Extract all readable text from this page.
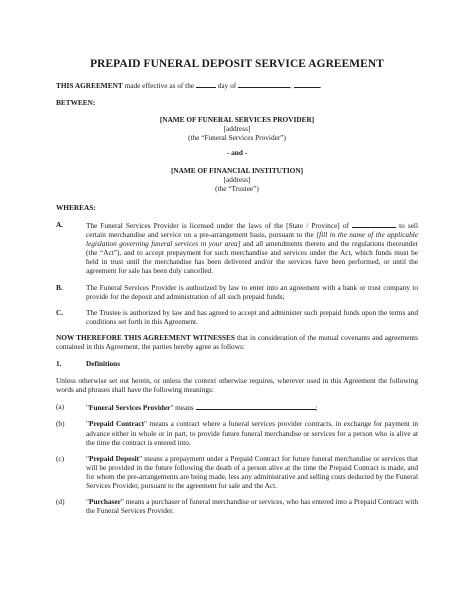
PREPAID FUNERAL DEPOSIT SERVICE AGREEMENT

THIS AGREEMENT made effective as of the	day of	,	.

BETWEEN:

[NAME OF FUNERAL SERVICES PROVIDER]
[address]
(the “Funeral Services Provider”)
- and -
[NAME OF FINANCIAL INSTITUTION]
[address]
(the “Trustee”)

WHEREAS:

A.	The Funeral Services Provider is licensed under the laws of the [State / Province] of	to sell certain merchandise and service on a pre-arrangement basis, pursuant to the [fill in the name of the applicable legislation governing funeral services in your area] and all amendments thereto and the regulations thereunder (the “Act”), and to accept prepayment for such merchandise and services under the Act, which funds must be held in trust until the merchandise has been delivered and/or the services have been performed, or until the agreement for sale has been duly cancelled.
B.	The Funeral Services Provider is authorized by law to enter into an agreement with a bank or trust company to provide for the deposit and administration of all such prepaid funds;
C.	The Trustee is authorized by law and has agreed to accept and administer such prepaid funds upon the terms and conditions set forth in this Agreement.

NOW THEREFORE THIS AGREEMENT WITNESSES that in consideration of the mutual covenants and agreements contained in this Agreement, the parties hereby agree as follows:

1.	Definitions

Unless otherwise set out herein, or unless the context otherwise requires, wherever used in this Agreement the following words and phrases shall have the following meanings:

(a)	"Funeral Services Provider" means	;
(b)	"Prepaid Contract" means a contract where a funeral services provider contracts, in exchange for payment in advance either in whole or in part, to provide future funeral merchandise or services for a person who is alive at the time the contract is entered into.
(c)	"Prepaid Deposit" means a prepayment under a Prepaid Contract for future funeral merchandise or services that will be provided in the future following the death of a person alive at the time the Prepaid Contract is made, and for whom the pre-arrangements are being made, less any administrative and selling costs deducted by the Funeral Services Provider, pursuant to the agreement for sale and the Act.
(d)	"Purchaser" means a purchaser of funeral merchandise or services, who has entered into a Prepaid Contract with the Funeral Services Provider.
